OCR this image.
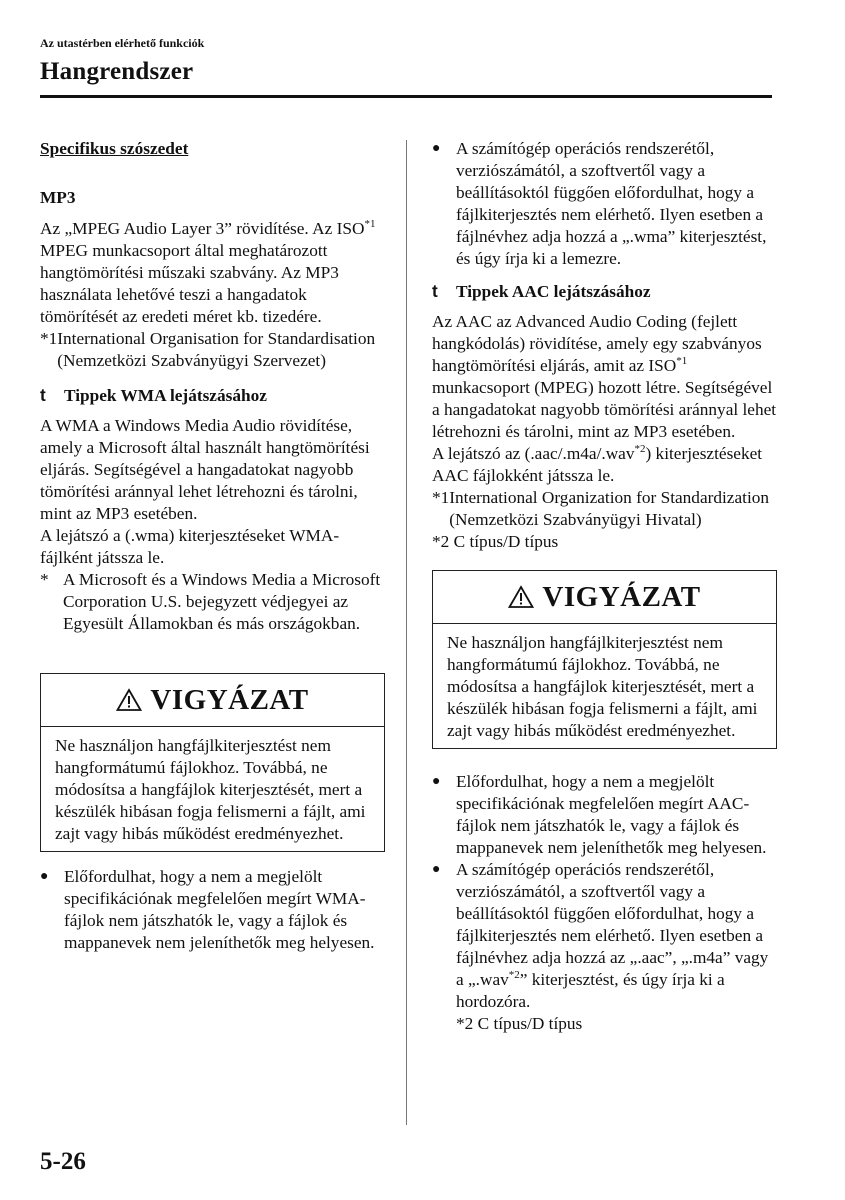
Az utastérben elérhető funkciók
Hangrendszer

Specifikus szószedet

MP3

Az „MPEG Audio Layer 3” rövidítése. Az ISO$^{*1}$ MPEG munkacsoport által meghatározott hangtömörítési műszaki szabvány. Az MP3 használata lehetővé teszi a hangadatok tömörítését az eredeti méret kb. tizedére.

*1 International Organisation for Standardisation (Nemzetközi Szabványügyi Szervezet)
t	Tippek WMA lejátszásához

A WMA a Windows Media Audio rövidítése, amely a Microsoft által használt hangtömörítési eljárás. Segítségével a hangadatokat nagyobb tömörítési aránnyal lehet létrehozni és tárolni, mint az MP3 esetében.

A lejátszó a (.wma) kiterjesztéseket WMA-fájlként játssza le.

* A Microsoft és a Windows Media a Microsoft Corporation U.S. bejegyzett védjegyei az Egyesült Államokban és más országokban.
VIGYÁZAT
Ne használjon hangfájlkiterjesztést nem hangformátumú fájlokhoz. Továbbá, ne módosítsa a hangfájlok kiterjesztését, mert a készülék hibásan fogja felismerni a fájlt, ami zajt vagy hibás működést eredményezhet.
● Előfordulhat, hogy a nem a megjelölt specifikációnak megfelelően megírt WMA-fájlok nem játszhatók le, vagy a fájlok és mappanevek nem jeleníthetők meg helyesen.
● A számítógép operációs rendszerétől, verziószámától, a szoftvertől vagy a beállításoktól függően előfordulhat, hogy a fájlkiterjesztés nem elérhető. Ilyen esetben a fájlnévhez adja hozzá a „.wma” kiterjesztést, és úgy írja ki a lemezre.
t	Tippek AAC lejátszásához

Az AAC az Advanced Audio Coding (fejlett hangkódolás) rövidítése, amely egy szabványos hangtömörítési eljárás, amit az ISO$^{*1}$ munkacsoport (MPEG) hozott létre. Segítségével a hangadatokat nagyobb tömörítési aránnyal lehet létrehozni és tárolni, mint az MP3 esetében.

A lejátszó az (.aac/.m4a/.wav$^{*2}$) kiterjesztéseket AAC fájlokként játssza le.

*1 International Organization for Standardization (Nemzetközi Szabványügyi Hivatal)

*2 C típus/D típus

VIGYÁZAT
Ne használjon hangfájlkiterjesztést nem hangformátumú fájlokhoz. Továbbá, ne módosítsa a hangfájlok kiterjesztését, mert a készülék hibásan fogja felismerni a fájlt, ami zajt vagy hibás működést eredményezhet.
● Előfordulhat, hogy a nem a megjelölt specifikációnak megfelelően megírt AAC-fájlok nem játszhatók le, vagy a fájlok és mappanevek nem jeleníthetők meg helyesen.
● A számítógép operációs rendszerétől, verziószámától, a szoftvertől vagy a beállításoktól függően előfordulhat, hogy a fájlkiterjesztés nem elérhető. Ilyen esetben a fájlnévhez adja hozzá az „.aac”, „.m4a” vagy a „.wav$^{*2}$” kiterjesztést, és úgy írja ki a hordozóra.
*2 C típus/D típus
5-26
